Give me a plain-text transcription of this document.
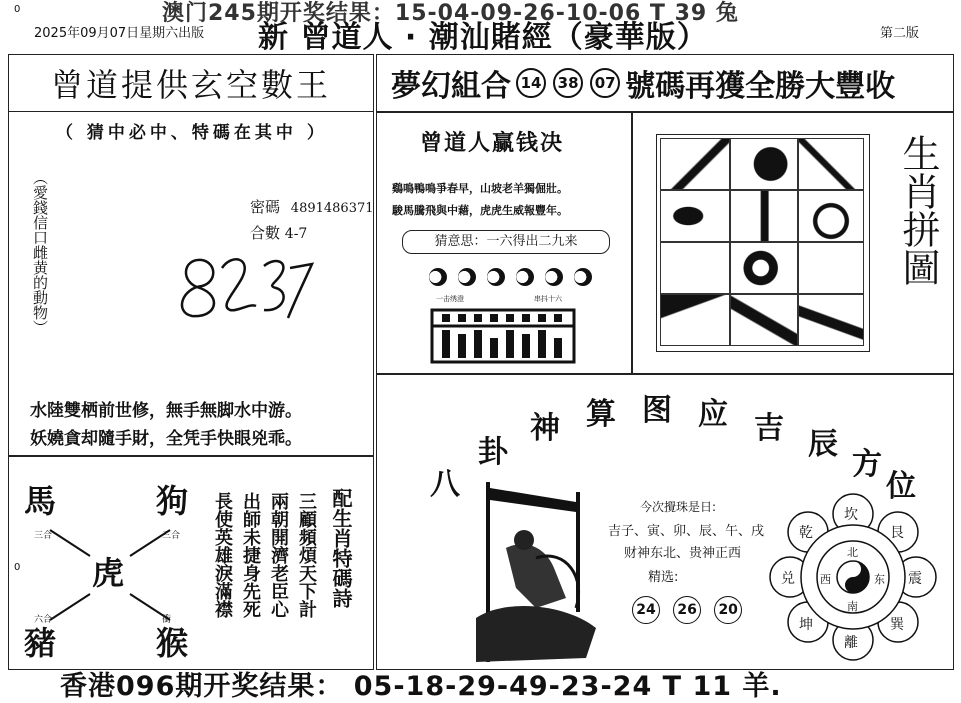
0
2025年09月07日星期六出版 新 曾道人 · 潮汕賭經（豪華版）
澳门245期开奖结果：15-04-09-26-10-06 T 39 兔
第二版
曾道提供玄空數王
（ 猜中必中、特碼在其中 ）
（愛錢信口雌黄的動物）	密碼 4891486371
合數 4-7
水陸雙栖前世修，無手無脚水中游。
妖嬈貪却隨手財，全凭手快眼兇乖。
馬	狗
虎
豬	猴
三合	三合
六合	衝
配生肖特碼詩
三顧頻煩天下計
兩朝開濟老臣心
出師未捷身先死
長使英雄淚滿襟
0
夢幻組合 14 38 07 號碼再獲全勝大豐收
曾道人赢钱决
鷄鳴鴨鳴爭春早，山坡老羊獨倔壯。
駿馬騰飛與中藉，虎虎生威報豐年。
猜意思：一六得出二九来

一击绣澄	串抖十六
生肖拼圖
八
卦
神 算 图 应 吉 辰
方
位
今次攪珠是日:
吉子、寅、卯、辰、午、戌
财神东北、贵神正西
精选:
24 26 20
坎
艮
震
巽
離
坤
兑
乾
北
东
南
西
香港096期开奖结果： 05-18-29-49-23-24 T 11 羊.
